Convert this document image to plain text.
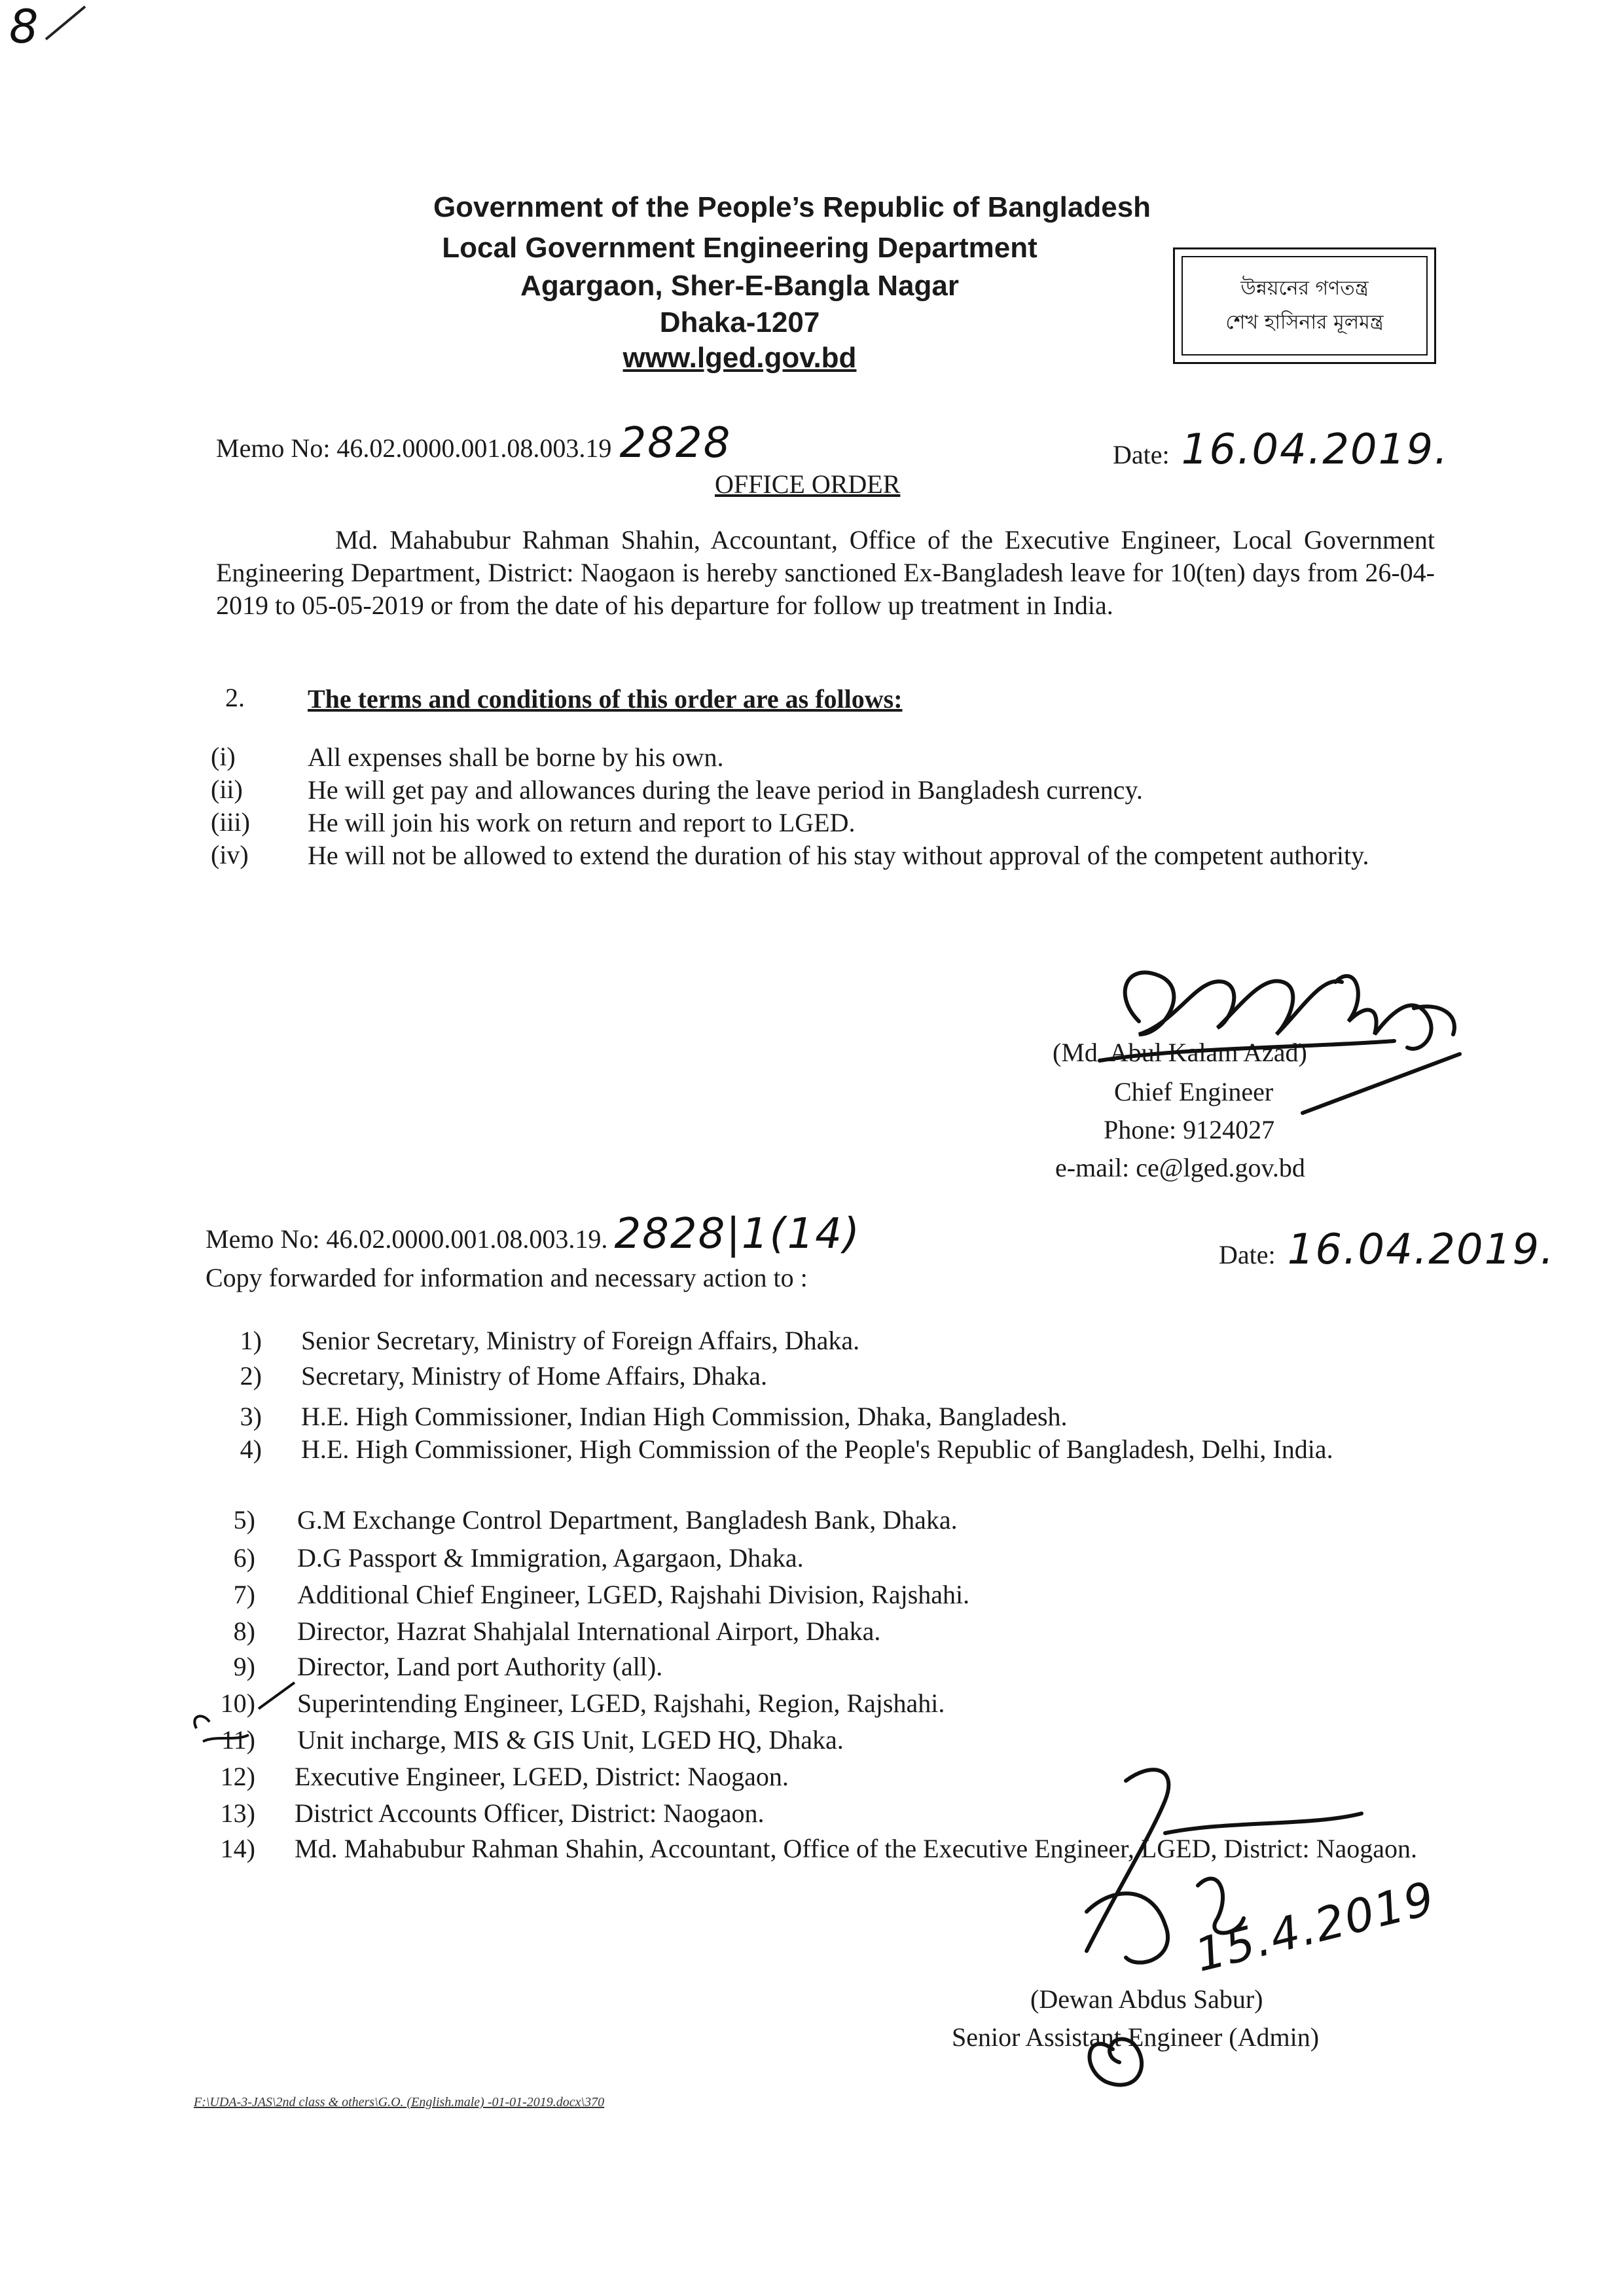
8
Government of the People’s Republic of Bangladesh
Local Government Engineering Department
Agargaon, Sher-E-Bangla Nagar
Dhaka-1207
www.lged.gov.bd
উন্নয়নের গণতন্ত্র
শেখ হাসিনার মূলমন্ত্র
Memo No: 46.02.0000.001.08.003.19 2828	Date: 16.04.2019.
OFFICE ORDER
Md. Mahabubur Rahman Shahin, Accountant, Office of the Executive Engineer, Local Government Engineering Department, District: Naogaon is hereby sanctioned Ex-Bangladesh leave for 10(ten) days from 26-04-2019 to 05-05-2019 or from the date of his departure for follow up treatment in India.
2. The terms and conditions of this order are as follows:
(i)	All expenses shall be borne by his own.
(ii) He will get pay and allowances during the leave period in Bangladesh currency.
(iii) He will join his work on return and report to LGED.
(iv) He will not be allowed to extend the duration of his stay without approval of the competent authority.
(Md. Abul Kalam Azad)
Chief Engineer
Phone: 9124027
e-mail: ce@lged.gov.bd
Memo No: 46.02.0000.001.08.003.19. 2828|1(14)	Date: 16.04.2019.
Copy forwarded for information and necessary action to :
1) Senior Secretary, Ministry of Foreign Affairs, Dhaka.
2) Secretary, Ministry of Home Affairs, Dhaka.
3) H.E. High Commissioner, Indian High Commission, Dhaka, Bangladesh.
4) H.E. High Commissioner, High Commission of the People's Republic of Bangladesh, Delhi, India.
5) G.M Exchange Control Department, Bangladesh Bank, Dhaka.
6) D.G Passport & Immigration, Agargaon, Dhaka.
7) Additional Chief Engineer, LGED, Rajshahi Division, Rajshahi.
8) Director, Hazrat Shahjalal International Airport, Dhaka.
9) Director, Land port Authority (all).
10) Superintending Engineer, LGED, Rajshahi, Region, Rajshahi.
11) Unit incharge, MIS & GIS Unit, LGED HQ, Dhaka.
12) Executive Engineer, LGED, District: Naogaon.
13) District Accounts Officer, District: Naogaon.
14) Md. Mahabubur Rahman Shahin, Accountant, Office of the Executive Engineer, LGED, District: Naogaon.
(Dewan Abdus Sabur)
Senior Assistant Engineer (Admin)
15.4.2019
F:\UDA-3-JAS\2nd class & others\G.O. (English.male) -01-01-2019.docx\370
